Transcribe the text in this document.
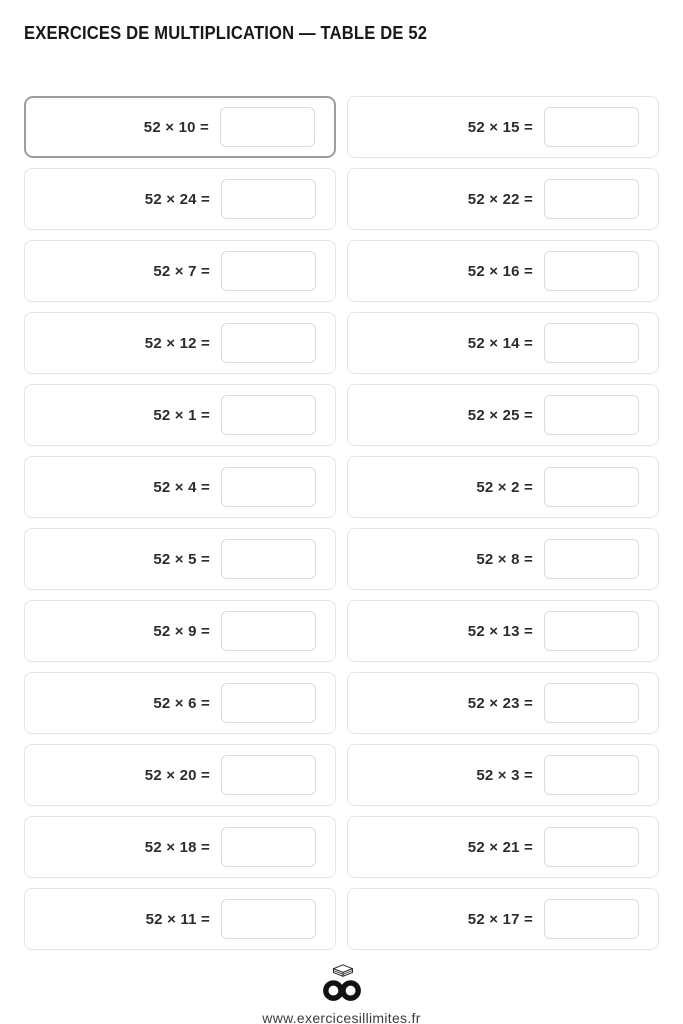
EXERCICES DE MULTIPLICATION — TABLE DE 52
52 × 10 =	52 × 15 =
52 × 24 =	52 × 22 =
52 × 7 =	52 × 16 =
52 × 12 =	52 × 14 =
52 × 1 =	52 × 25 =
52 × 4 =	52 × 2 =
52 × 5 =	52 × 8 =
52 × 9 =	52 × 13 =
52 × 6 =	52 × 23 =
52 × 20 =	52 × 3 =
52 × 18 =	52 × 21 =
52 × 11 =	52 × 17 =
www.exercicesillimites.fr
